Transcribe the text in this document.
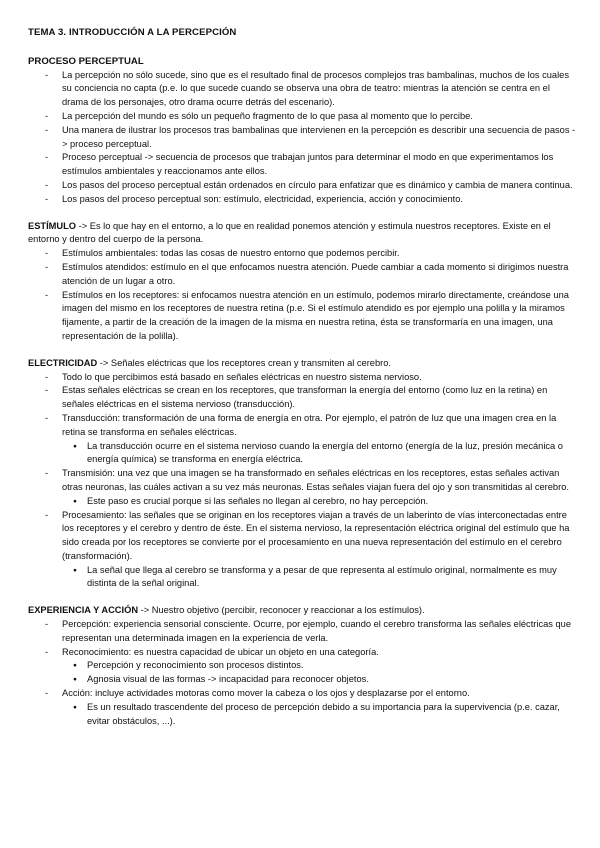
TEMA 3. INTRODUCCIÓN A LA PERCEPCIÓN

PROCESO PERCEPTUAL

- La percepción no sólo sucede, sino que es el resultado final de procesos complejos tras bambalinas, muchos de los cuales su conciencia no capta (p.e. lo que sucede cuando se observa una obra de teatro: mientras la atención se centra en el drama de los personajes, otro drama ocurre detrás del escenario).
- La percepción del mundo es sólo un pequeño fragmento de lo que pasa al momento que lo percibe.
- Una manera de ilustrar los procesos tras bambalinas que intervienen en la percepción es describir una secuencia de pasos -> proceso perceptual.
- Proceso perceptual -> secuencia de procesos que trabajan juntos para determinar el modo en que experimentamos los estímulos ambientales y reaccionamos ante ellos.
- Los pasos del proceso perceptual están ordenados en círculo para enfatizar que es dinámico y cambia de manera continua.
- Los pasos del proceso perceptual son: estímulo, electricidad, experiencia, acción y conocimiento.

ESTÍMULO -> Es lo que hay en el entorno, a lo que en realidad ponemos atención y estimula nuestros receptores. Existe en el entorno y dentro del cuerpo de la persona.

- Estímulos ambientales: todas las cosas de nuestro entorno que podemos percibir.
- Estímulos atendidos: estímulo en el que enfocamos nuestra atención. Puede cambiar a cada momento si dirigimos nuestra atención de un lugar a otro.
- Estímulos en los receptores: si enfocamos nuestra atención en un estímulo, podemos mirarlo directamente, creándose una imagen del mismo en los receptores de nuestra retina (p.e. Si el estímulo atendido es por ejemplo una polilla y la miramos fijamente, a partir de la creación de la imagen de la misma en nuestra retina, ésta se transformaría en una imagen, una representación de la polilla).

ELECTRICIDAD -> Señales eléctricas que los receptores crean y transmiten al cerebro.

- Todo lo que percibimos está basado en señales eléctricas en nuestro sistema nervioso.
- Estas señales eléctricas se crean en los receptores, que transforman la energía del entorno (como luz en la retina) en señales eléctricas en el sistema nervioso (transducción).
- Transducción: transformación de una forma de energía en otra. Por ejemplo, el patrón de luz que una imagen crea en la retina se transforma en señales eléctricas.
● La transducción ocurre en el sistema nervioso cuando la energía del entorno (energía de la luz, presión mecánica o energía química) se transforma en energía eléctrica.
- Transmisión: una vez que una imagen se ha transformado en señales eléctricas en los receptores, estas señales activan otras neuronas, las cuáles activan a su vez más neuronas. Estas señales viajan fuera del ojo y son transmitidas al cerebro.
● Este paso es crucial porque si las señales no llegan al cerebro, no hay percepción.
- Procesamiento: las señales que se originan en los receptores viajan a través de un laberinto de vías interconectadas entre los receptores y el cerebro y dentro de éste. En el sistema nervioso, la representación eléctrica original del estímulo que ha sido creada por los receptores se convierte por el procesamiento en una nueva representación del estímulo en el cerebro (transformación).
● La señal que llega al cerebro se transforma y a pesar de que representa al estímulo original, normalmente es muy distinta de la señal original.

EXPERIENCIA Y ACCIÓN -> Nuestro objetivo (percibir, reconocer y reaccionar a los estímulos).

- Percepción: experiencia sensorial consciente. Ocurre, por ejemplo, cuando el cerebro transforma las señales eléctricas que representan una determinada imagen en la experiencia de verla.
- Reconocimiento: es nuestra capacidad de ubicar un objeto en una categoría.
● Percepción y reconocimiento son procesos distintos.
● Agnosia visual de las formas -> incapacidad para reconocer objetos.
- Acción: incluye actividades motoras como mover la cabeza o los ojos y desplazarse por el entorno.
● Es un resultado trascendente del proceso de percepción debido a su importancia para la supervivencia (p.e. cazar, evitar obstáculos, ...).
